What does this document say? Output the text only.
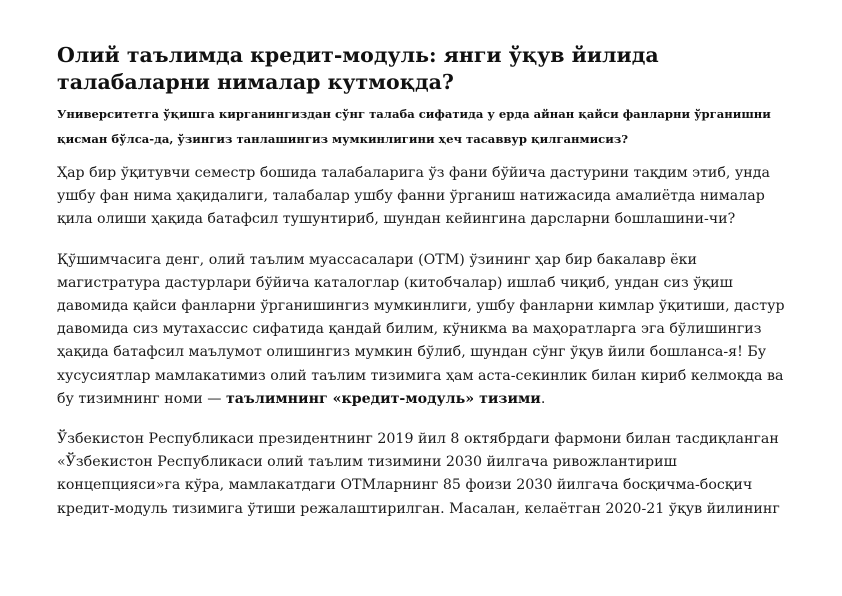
Олий таълимда кредит-модуль: янги ўқув йилида талабаларни нималар кутмоқда?

Университетга ўқишга кирганингиздан сўнг талаба сифатида у ерда айнан қайси фанларни ўрганишни қисман бўлса-да, ўзингиз танлашингиз мумкинлигини ҳеч тасаввур қилганмисиз?

Ҳар бир ўқитувчи семестр бошида талабаларига ўз фани бўйича дастурини тақдим этиб, унда ушбу фан нима ҳақидалиги, талабалар ушбу фанни ўрганиш натижасида амалиётда нималар қила олиши ҳақида батафсил тушунтириб, шундан кейингина дарсларни бошлашини-чи?

Қўшимчасига денг, олий таълим муассасалари (ОТМ) ўзининг ҳар бир бакалавр ёки магистратура дастурлари бўйича каталоглар (китобчалар) ишлаб чиқиб, ундан сиз ўқиш давомида қайси фанларни ўрганишингиз мумкинлиги, ушбу фанларни кимлар ўқитиши, дастур давомида сиз мутахассис сифатида қандай билим, кўникма ва маҳоратларга эга бўлишингиз ҳақида батафсил маълумот олишингиз мумкин бўлиб, шундан сўнг ўқув йили бошланса-я! Бу хусусиятлар мамлакатимиз олий таълим тизимига ҳам аста-секинлик билан кириб келмоқда ва бу тизимнинг номи — таълимнинг «кредит-модуль» тизими.

Ўзбекистон Республикаси президентнинг 2019 йил 8 октябрдаги фармони билан тасдиқланган «Ўзбекистон Республикаси олий таълим тизимини 2030 йилгача ривожлантириш концепцияси»га кўра, мамлакатдаги ОТМларнинг 85 фоизи 2030 йилгача босқичма-босқич кредит-модуль тизимига ўтиши режалаштирилган. Масалан, келаётган 2020-21 ўқув йилининг
